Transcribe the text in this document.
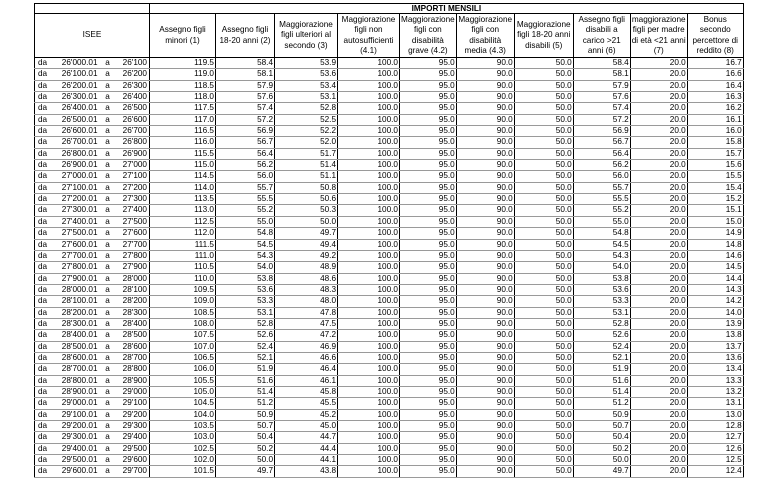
				IMPORTI MENSILI									
ISEE				Assegno figli minori (1)	Assegno figli 18-20 anni (2)	Maggiorazione figli ulteriori al secondo (3)	Maggiorazione figli non autosufficienti (4.1)	Maggiorazione figli con disabilità grave (4.2)	Maggiorazione figli con disabilità media (4.3)	Maggiorazione figli 18-20 anni disabili (5)	Assegno figli disabili a carico >21 anni (6)	maggiorazione figli per madre di età <21 anni (7)	Bonus secondo percettore di reddito (8)
da	26'000.01	a	26'100	119.5	58.4	53.9	100.0	95.0	90.0	50.0	58.4	20.0	16.7
da	26'100.01	a	26'200	119.0	58.1	53.6	100.0	95.0	90.0	50.0	58.1	20.0	16.6
da	26'200.01	a	26'300	118.5	57.9	53.4	100.0	95.0	90.0	50.0	57.9	20.0	16.4
da	26'300.01	a	26'400	118.0	57.6	53.1	100.0	95.0	90.0	50.0	57.6	20.0	16.3
da	26'400.01	a	26'500	117.5	57.4	52.8	100.0	95.0	90.0	50.0	57.4	20.0	16.2
da	26'500.01	a	26'600	117.0	57.2	52.5	100.0	95.0	90.0	50.0	57.2	20.0	16.1
da	26'600.01	a	26'700	116.5	56.9	52.2	100.0	95.0	90.0	50.0	56.9	20.0	16.0
da	26'700.01	a	26'800	116.0	56.7	52.0	100.0	95.0	90.0	50.0	56.7	20.0	15.8
da	26'800.01	a	26'900	115.5	56.4	51.7	100.0	95.0	90.0	50.0	56.4	20.0	15.7
da	26'900.01	a	27'000	115.0	56.2	51.4	100.0	95.0	90.0	50.0	56.2	20.0	15.6
da	27'000.01	a	27'100	114.5	56.0	51.1	100.0	95.0	90.0	50.0	56.0	20.0	15.5
da	27'100.01	a	27'200	114.0	55.7	50.8	100.0	95.0	90.0	50.0	55.7	20.0	15.4
da	27'200.01	a	27'300	113.5	55.5	50.6	100.0	95.0	90.0	50.0	55.5	20.0	15.2
da	27'300.01	a	27'400	113.0	55.2	50.3	100.0	95.0	90.0	50.0	55.2	20.0	15.1
da	27'400.01	a	27'500	112.5	55.0	50.0	100.0	95.0	90.0	50.0	55.0	20.0	15.0
da	27'500.01	a	27'600	112.0	54.8	49.7	100.0	95.0	90.0	50.0	54.8	20.0	14.9
da	27'600.01	a	27'700	111.5	54.5	49.4	100.0	95.0	90.0	50.0	54.5	20.0	14.8
da	27'700.01	a	27'800	111.0	54.3	49.2	100.0	95.0	90.0	50.0	54.3	20.0	14.6
da	27'800.01	a	27'900	110.5	54.0	48.9	100.0	95.0	90.0	50.0	54.0	20.0	14.5
da	27'900.01	a	28'000	110.0	53.8	48.6	100.0	95.0	90.0	50.0	53.8	20.0	14.4
da	28'000.01	a	28'100	109.5	53.6	48.3	100.0	95.0	90.0	50.0	53.6	20.0	14.3
da	28'100.01	a	28'200	109.0	53.3	48.0	100.0	95.0	90.0	50.0	53.3	20.0	14.2
da	28'200.01	a	28'300	108.5	53.1	47.8	100.0	95.0	90.0	50.0	53.1	20.0	14.0
da	28'300.01	a	28'400	108.0	52.8	47.5	100.0	95.0	90.0	50.0	52.8	20.0	13.9
da	28'400.01	a	28'500	107.5	52.6	47.2	100.0	95.0	90.0	50.0	52.6	20.0	13.8
da	28'500.01	a	28'600	107.0	52.4	46.9	100.0	95.0	90.0	50.0	52.4	20.0	13.7
da	28'600.01	a	28'700	106.5	52.1	46.6	100.0	95.0	90.0	50.0	52.1	20.0	13.6
da	28'700.01	a	28'800	106.0	51.9	46.4	100.0	95.0	90.0	50.0	51.9	20.0	13.4
da	28'800.01	a	28'900	105.5	51.6	46.1	100.0	95.0	90.0	50.0	51.6	20.0	13.3
da	28'900.01	a	29'000	105.0	51.4	45.8	100.0	95.0	90.0	50.0	51.4	20.0	13.2
da	29'000.01	a	29'100	104.5	51.2	45.5	100.0	95.0	90.0	50.0	51.2	20.0	13.1
da	29'100.01	a	29'200	104.0	50.9	45.2	100.0	95.0	90.0	50.0	50.9	20.0	13.0
da	29'200.01	a	29'300	103.5	50.7	45.0	100.0	95.0	90.0	50.0	50.7	20.0	12.8
da	29'300.01	a	29'400	103.0	50.4	44.7	100.0	95.0	90.0	50.0	50.4	20.0	12.7
da	29'400.01	a	29'500	102.5	50.2	44.4	100.0	95.0	90.0	50.0	50.2	20.0	12.6
da	29'500.01	a	29'600	102.0	50.0	44.1	100.0	95.0	90.0	50.0	50.0	20.0	12.5
da	29'600.01	a	29'700	101.5	49.7	43.8	100.0	95.0	90.0	50.0	49.7	20.0	12.4
